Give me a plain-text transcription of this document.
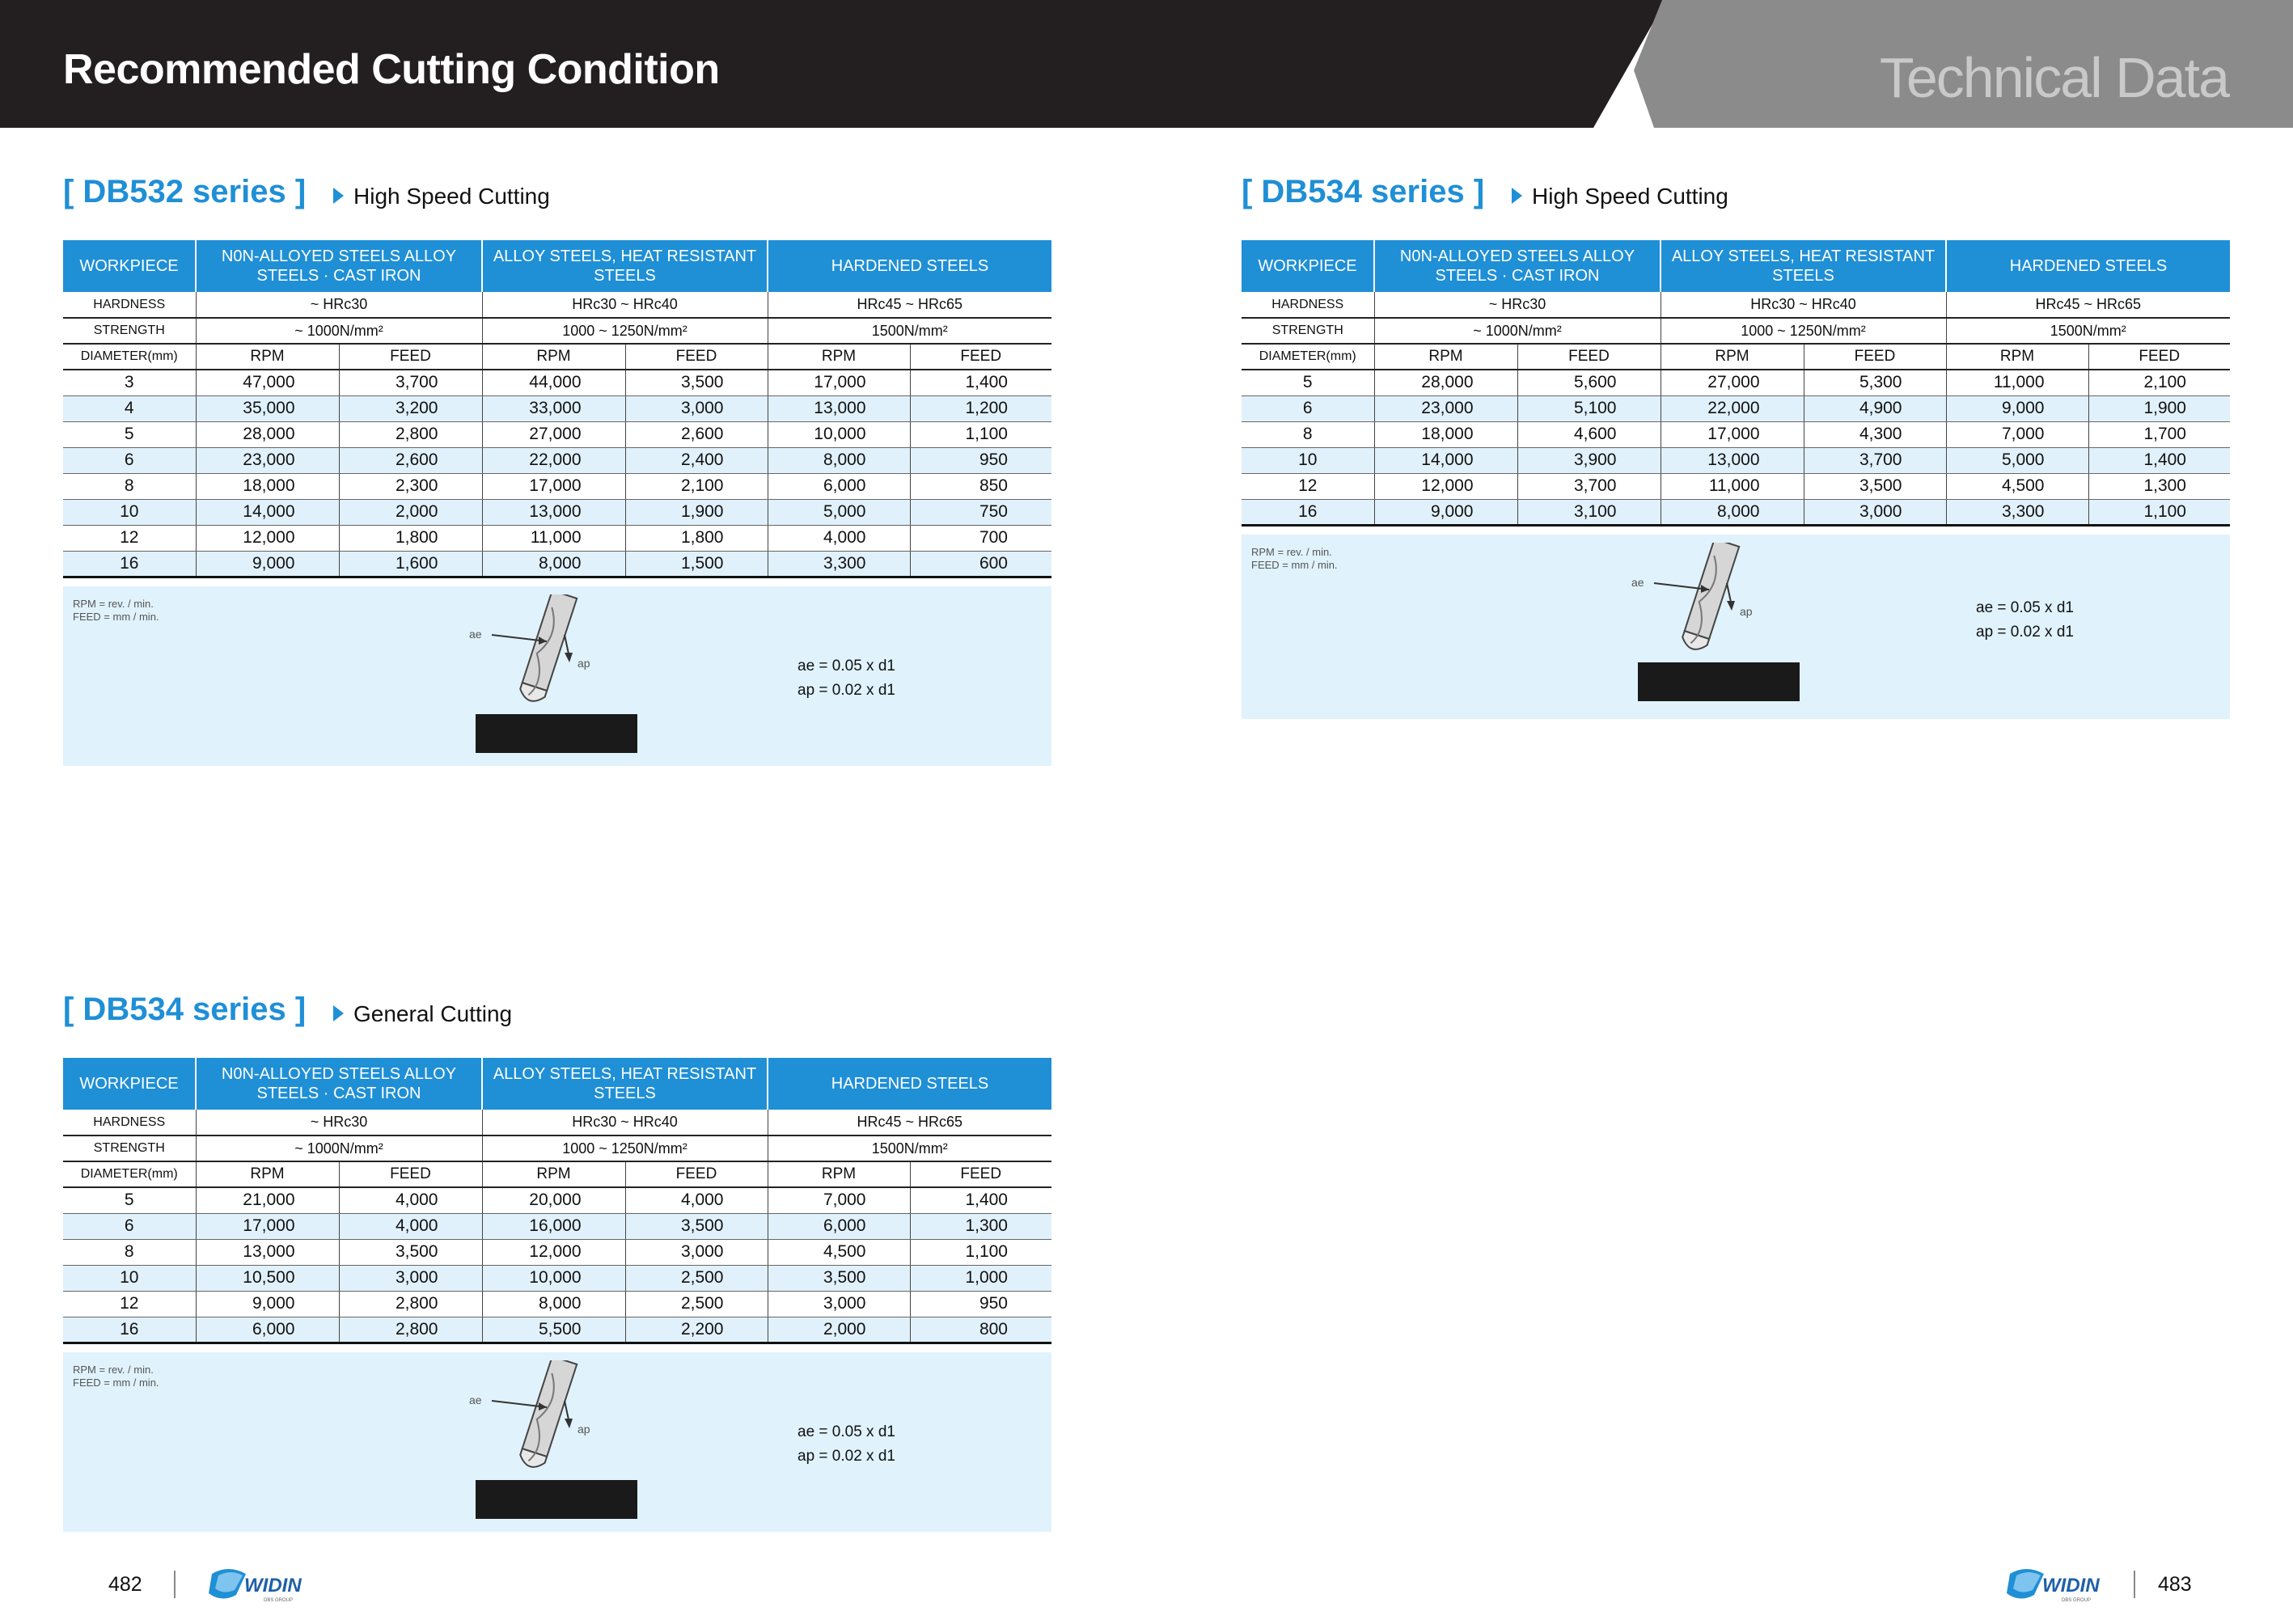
Recommended Cutting Condition	Technical Data
[ DB532 series ]	High Speed Cutting
WORKPIECE	N0N-ALLOYED STEELS ALLOY STEELS · CAST IRON		ALLOY STEELS, HEAT RESISTANT STEELS		HARDENED STEELS	
HARDNESS	~ HRc30		HRc30 ~ HRc40		HRc45 ~ HRc65	
STRENGTH	~ 1000N/mm²		1000 ~ 1250N/mm²		1500N/mm²	
DIAMETER(mm)	RPM	FEED	RPM	FEED	RPM	FEED
3	47,000	3,700	44,000	3,500	17,000	1,400
4	35,000	3,200	33,000	3,000	13,000	1,200
5	28,000	2,800	27,000	2,600	10,000	1,100
6	23,000	2,600	22,000	2,400	8,000	950
8	18,000	2,300	17,000	2,100	6,000	850
10	14,000	2,000	13,000	1,900	5,000	750
12	12,000	1,800	11,000	1,800	4,000	700
16	9,000	1,600	8,000	1,500	3,300	600
RPM = rev. / min.
FEED = mm / min.
ae
ap	ae = 0.05 x d1
ap = 0.02 x d1
[ DB534 series ]	High Speed Cutting
WORKPIECE	N0N-ALLOYED STEELS ALLOY STEELS · CAST IRON		ALLOY STEELS, HEAT RESISTANT STEELS		HARDENED STEELS	
HARDNESS	~ HRc30		HRc30 ~ HRc40		HRc45 ~ HRc65	
STRENGTH	~ 1000N/mm²		1000 ~ 1250N/mm²		1500N/mm²	
DIAMETER(mm)	RPM	FEED	RPM	FEED	RPM	FEED
5	28,000	5,600	27,000	5,300	11,000	2,100
6	23,000	5,100	22,000	4,900	9,000	1,900
8	18,000	4,600	17,000	4,300	7,000	1,700
10	14,000	3,900	13,000	3,700	5,000	1,400
12	12,000	3,700	11,000	3,500	4,500	1,300
16	9,000	3,100	8,000	3,000	3,300	1,100
RPM = rev. / min.
FEED = mm / min.
ae
ap	ae = 0.05 x d1
ap = 0.02 x d1
[ DB534 series ]	General Cutting
WORKPIECE	N0N-ALLOYED STEELS ALLOY STEELS · CAST IRON		ALLOY STEELS, HEAT RESISTANT STEELS		HARDENED STEELS	
HARDNESS	~ HRc30		HRc30 ~ HRc40		HRc45 ~ HRc65	
STRENGTH	~ 1000N/mm²		1000 ~ 1250N/mm²		1500N/mm²	
DIAMETER(mm)	RPM	FEED	RPM	FEED	RPM	FEED
5	21,000	4,000	20,000	4,000	7,000	1,400
6	17,000	4,000	16,000	3,500	6,000	1,300
8	13,000	3,500	12,000	3,000	4,500	1,100
10	10,500	3,000	10,000	2,500	3,500	1,000
12	9,000	2,800	8,000	2,500	3,000	950
16	6,000	2,800	5,500	2,200	2,000	800
RPM = rev. / min.
FEED = mm / min.
ae
ap	ae = 0.05 x d1
ap = 0.02 x d1
482	WIDIN
DBS GROUP
WIDIN
DBS GROUP
483
